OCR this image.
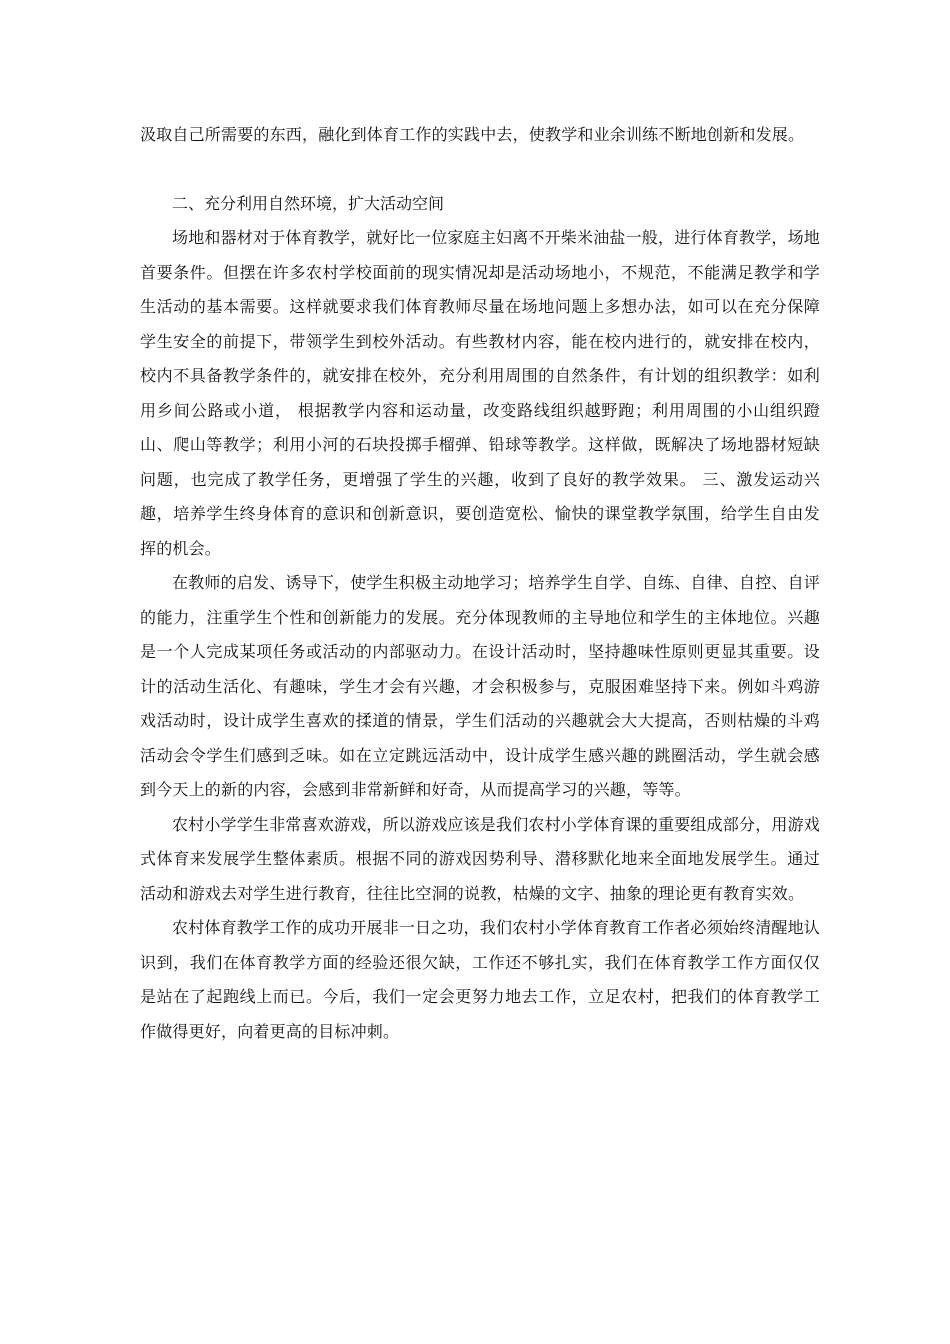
汲取自己所需要的东西，融化到体育工作的实践中去，使教学和业余训练不断地创新和发展。

二、充分利用自然环境，扩大活动空间

场地和器材对于体育教学，就好比一位家庭主妇离不开柴米油盐一般，进行体育教学，场地首要条件。但摆在许多农村学校面前的现实情况却是活动场地小，不规范，不能满足教学和学生活动的基本需要。这样就要求我们体育教师尽量在场地问题上多想办法，如可以在充分保障学生安全的前提下，带领学生到校外活动。有些教材内容，能在校内进行的，就安排在校内，校内不具备教学条件的，就安排在校外，充分利用周围的自然条件，有计划的组织教学：如利用乡间公路或小道， 根据教学内容和运动量，改变路线组织越野跑；利用周围的小山组织蹬山、爬山等教学；利用小河的石块投掷手榴弹、铅球等教学。这样做，既解决了场地器材短缺 问题，也完成了教学任务，更增强了学生的兴趣，收到了良好的教学效果。 三、激发运动兴趣，培养学生终身体育的意识和创新意识，要创造宽松、愉快的课堂教学氛围，给学生自由发挥的机会。

在教师的启发、诱导下，使学生积极主动地学习；培养学生自学、自练、自律、自控、自评的能力，注重学生个性和创新能力的发展。充分体现教师的主导地位和学生的主体地位。兴趣是一个人完成某项任务或活动的内部驱动力。在设计活动时，坚持趣味性原则更显其重要。设计的活动生活化、有趣味，学生才会有兴趣，才会积极参与，克服困难坚持下来。例如斗鸡游戏活动时，设计成学生喜欢的揉道的情景，学生们活动的兴趣就会大大提高，否则枯燥的斗鸡活动会令学生们感到乏味。如在立定跳远活动中，设计成学生感兴趣的跳圈活动，学生就会感到今天上的新的内容，会感到非常新鲜和好奇，从而提高学习的兴趣，等等。

农村小学学生非常喜欢游戏，所以游戏应该是我们农村小学体育课的重要组成部分，用游戏式体育来发展学生整体素质。根据不同的游戏因势利导、潜移默化地来全面地发展学生。通过活动和游戏去对学生进行教育，往往比空洞的说教，枯燥的文字、抽象的理论更有教育实效。

农村体育教学工作的成功开展非一日之功，我们农村小学体育教育工作者必须始终清醒地认识到，我们在体育教学方面的经验还很欠缺，工作还不够扎实，我们在体育教学工作方面仅仅是站在了起跑线上而已。今后，我们一定会更努力地去工作，立足农村，把我们的体育教学工作做得更好，向着更高的目标冲刺。
